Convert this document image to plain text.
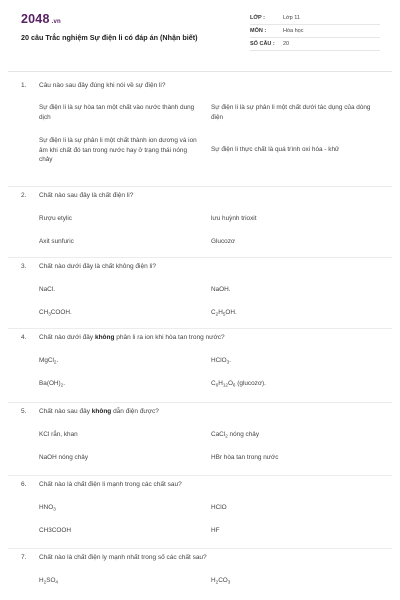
2048 .vn
20 câu Trắc nghiệm Sự điện li có đáp án (Nhận biết)
LỚP :	Lớp 11
MÔN :	Hóa học
SỐ CÂU :	20
1.	Câu nào sau đây đúng khi nói về sự điện li?
Sự điện li là sự hòa tan một chất vào nước thành dung dịch
Sự điện li là sự phân li một chất dưới tác dụng của dòng điện
Sự điện li là sự phân li một chất thành ion dương và ion âm khi chất đó tan trong nước hay ở trạng thái nóng chảy
Sự điện li thực chất là quá trình oxi hóa - khử
2.	Chất nào sau đây là chất điện li?
Rượu etylic	lưu huỳnh trioxit
Axit sunfuric	Glucozơ
3.	Chất nào dưới đây là chất không điện li?
NaCl.	NaOH.
$CH_3COOH$.	$C_2H_5OH$.
4.	Chất nào dưới đây không phân li ra ion khi hòa tan trong nước?
MgCl$_2$.	HClO$_3$.
$Ba(OH)_2$.	$C_6H_{12}O_6$ (glucozơ).
5.	Chất nào sau đây không dẫn điện được?
KCl rắn, khan	CaCl$_2$ nóng chảy
NaOH nóng chảy	HBr hòa tan trong nước
6.	Chất nào là chất điện li mạnh trong các chất sau?
$HNO_3$	HClO
CH3COOH	HF
7.	Chất nào là chất điện ly mạnh nhất trong số các chất sau?
$H_2SO_4$	$H_2CO_3$
